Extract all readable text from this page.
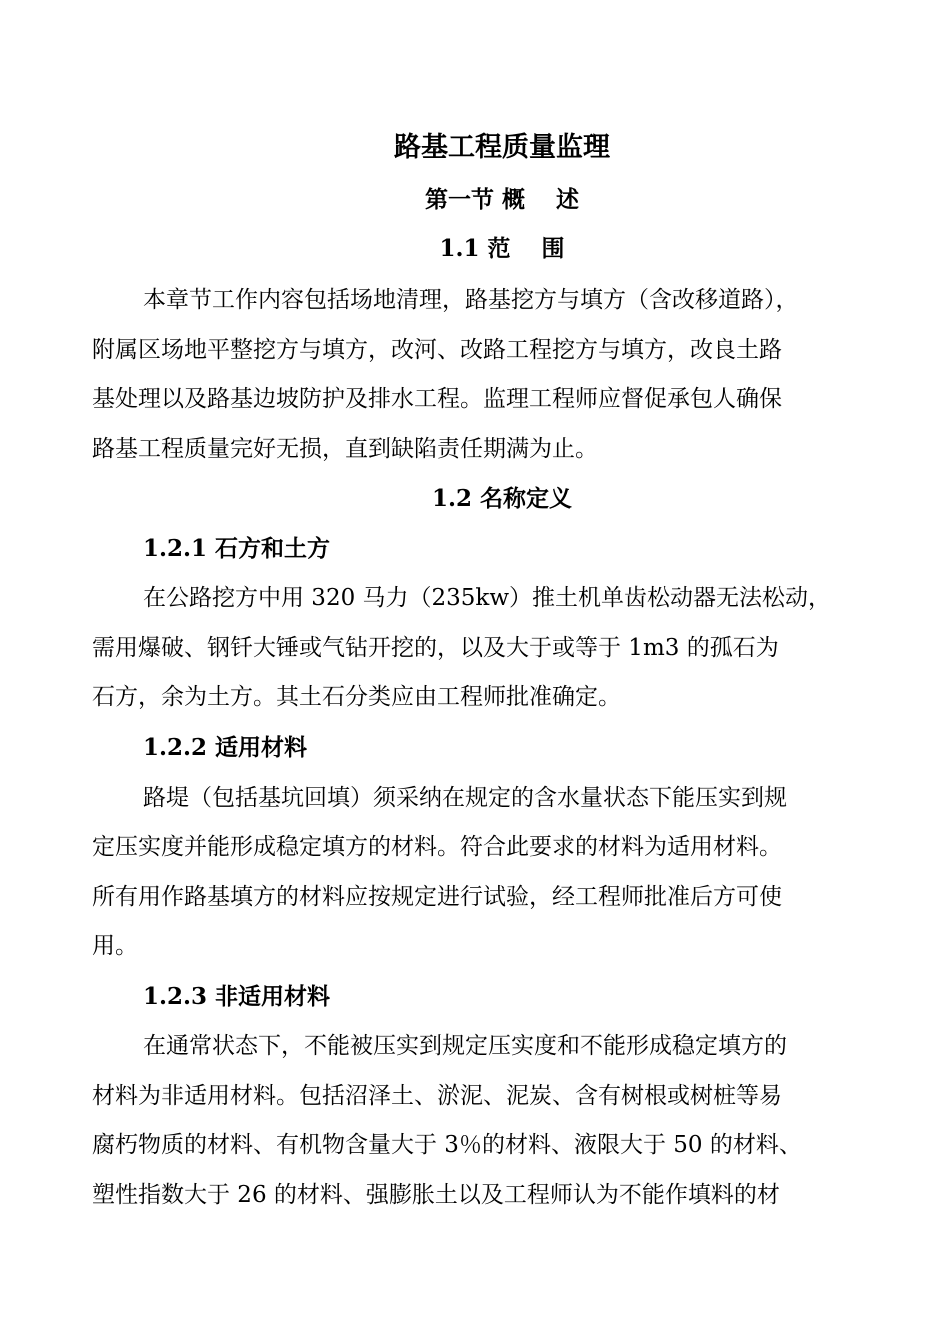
路基工程质量监理
第一节 概　 述
1.1 范　 围
本章节工作内容包括场地清理，路基挖方与填方（含改移道路），
附属区场地平整挖方与填方，改河、改路工程挖方与填方，改良土路
基处理以及路基边坡防护及排水工程。监理工程师应督促承包人确保
路基工程质量完好无损，直到缺陷责任期满为止。
1.2 名称定义
1.2.1 石方和土方
在公路挖方中用 320 马力（235kw）推土机单齿松动器无法松动，
需用爆破、钢钎大锤或气钻开挖的，以及大于或等于 1m3 的孤石为
石方，余为土方。其土石分类应由工程师批准确定。
1.2.2 适用材料
路堤（包括基坑回填）须采纳在规定的含水量状态下能压实到规
定压实度并能形成稳定填方的材料。符合此要求的材料为适用材料。
所有用作路基填方的材料应按规定进行试验，经工程师批准后方可使
用。
1.2.3 非适用材料
在通常状态下，不能被压实到规定压实度和不能形成稳定填方的
材料为非适用材料。包括沼泽土、淤泥、泥炭、含有树根或树桩等易
腐朽物质的材料、有机物含量大于 3％的材料、液限大于 50 的材料、
塑性指数大于 26 的材料、强膨胀土以及工程师认为不能作填料的材
